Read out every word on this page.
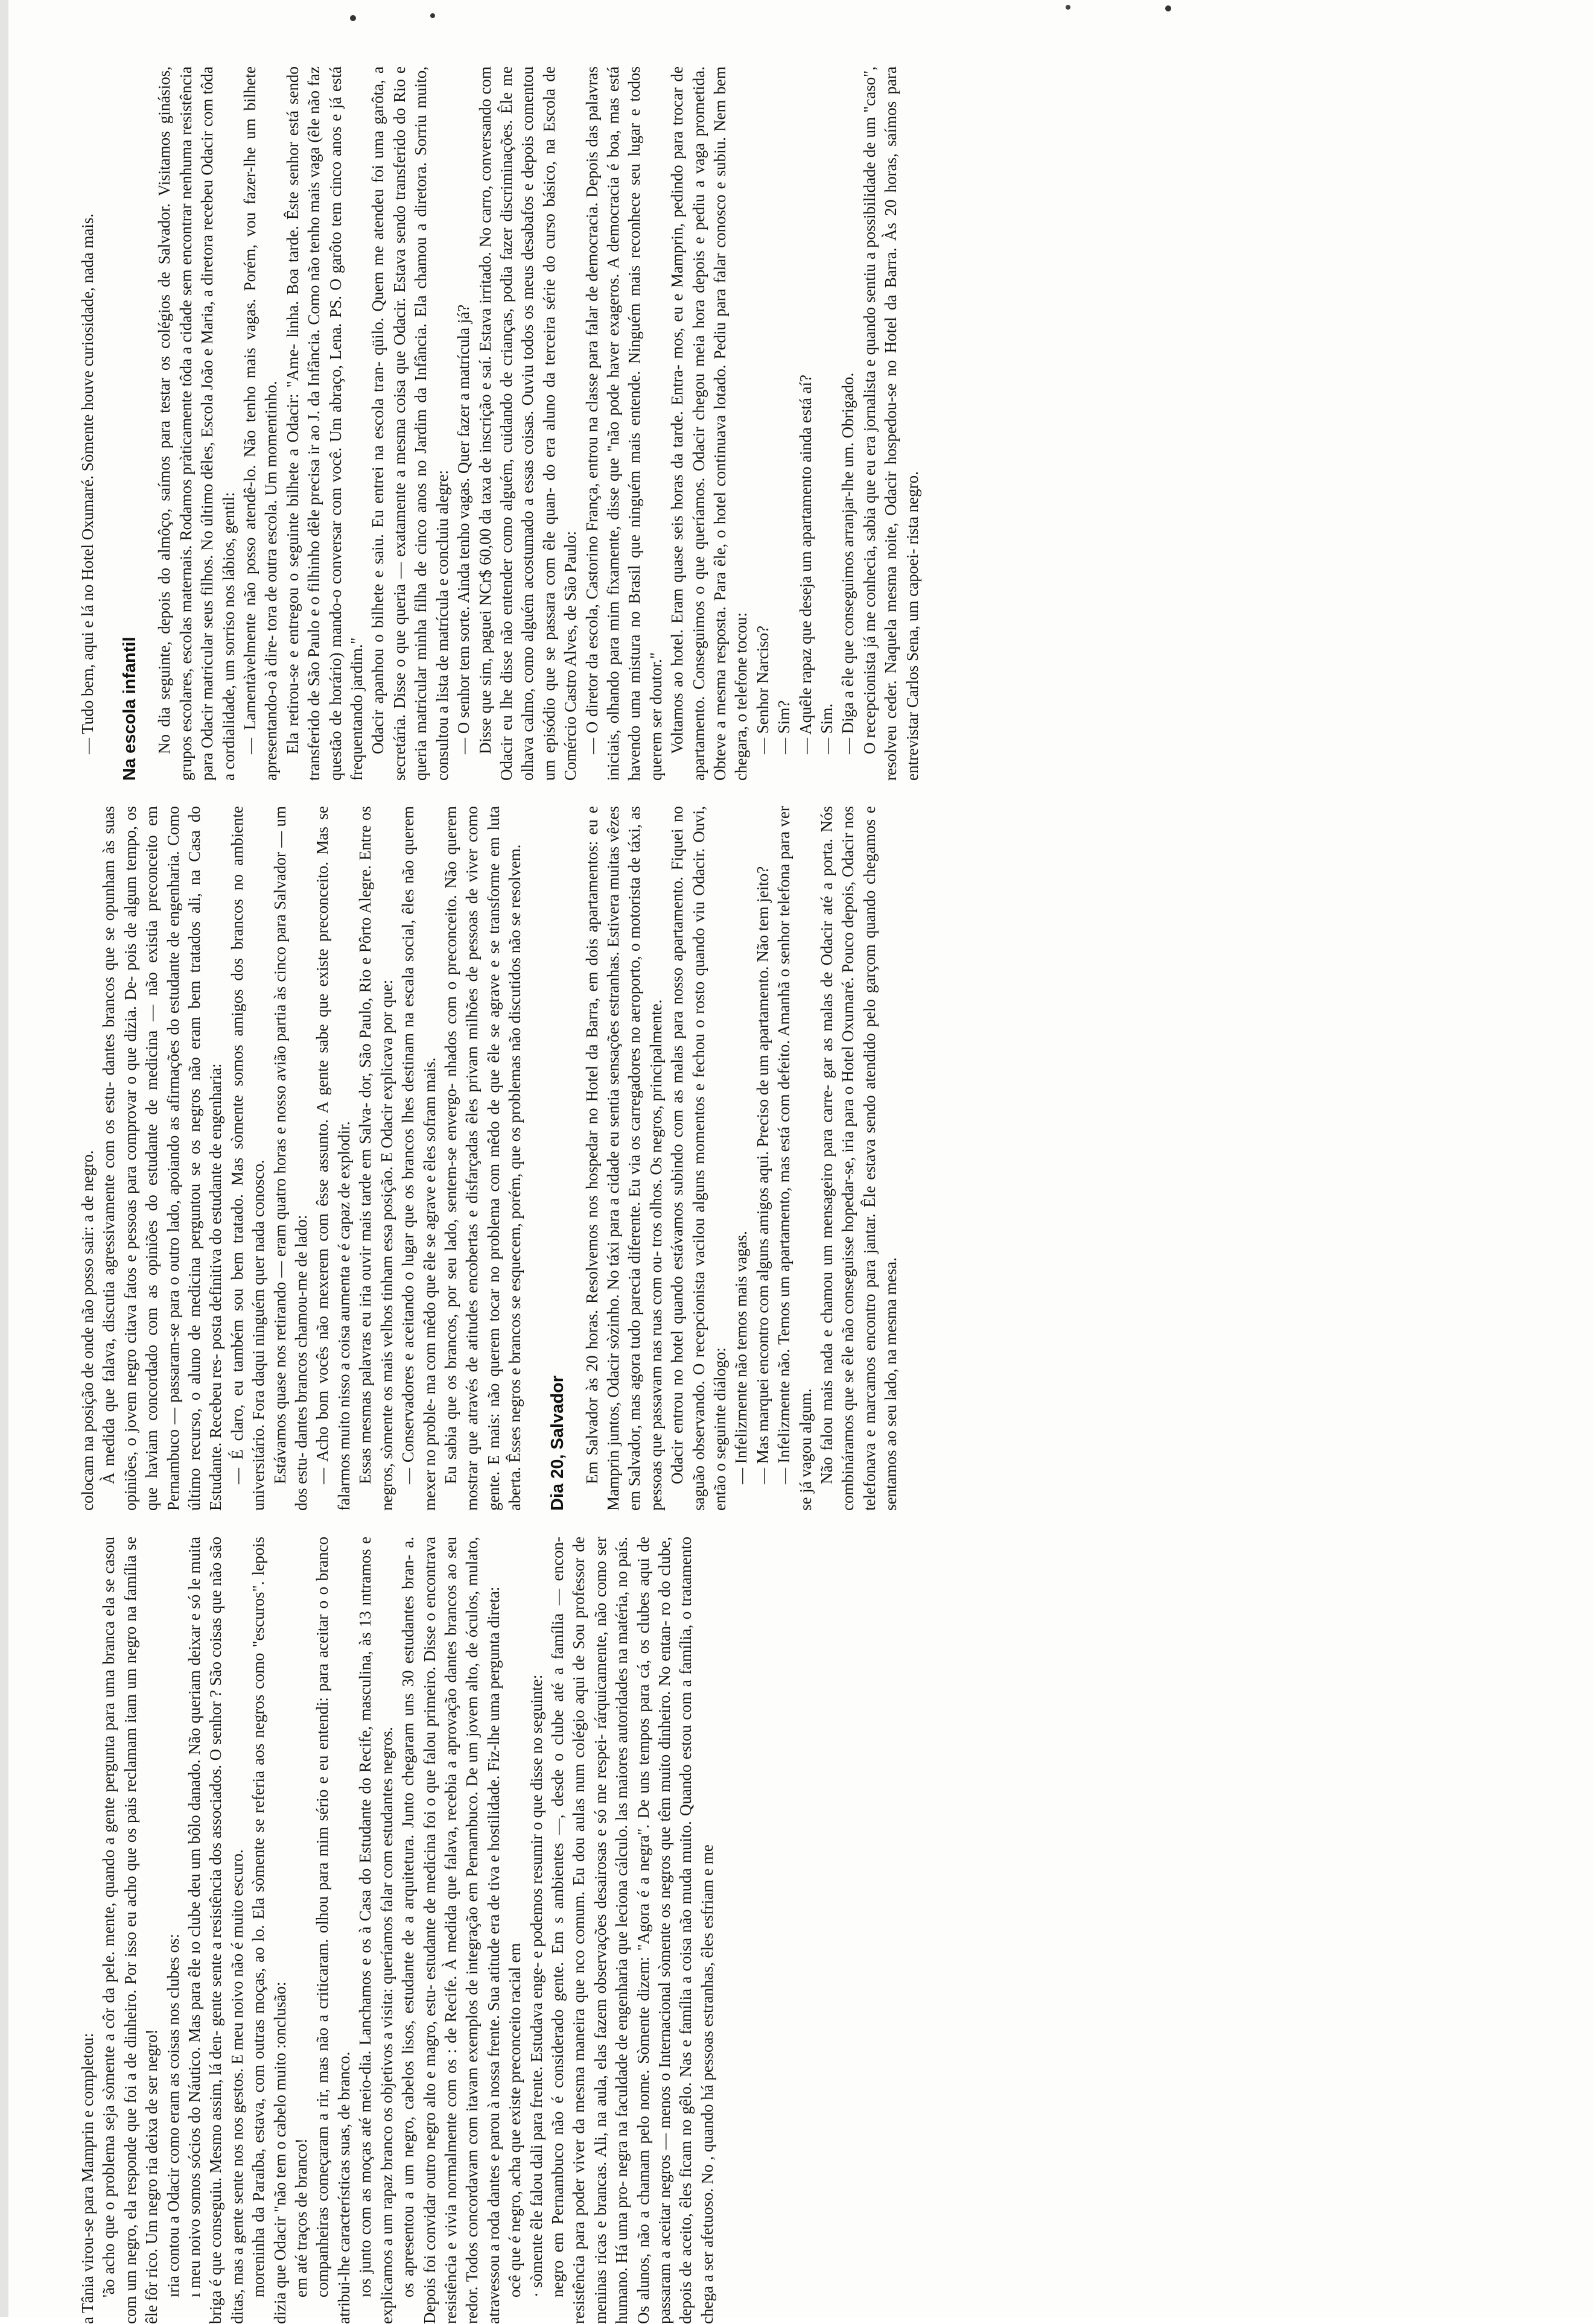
a Tânia virou-se para Mamprin e completou: 'ão acho que o problema seja sòmente a côr da pele. mente, quando a gente pergunta para uma branca ela se casou com um negro, ela responde que foi a de dinheiro. Por isso eu acho que os pais reclamam itam um negro na família se êle fôr rico. Um negro ria deixa de ser negro! ıria contou a Odacir como eram as coisas nos clubes os: ı meu noivo somos sócios do Náutico. Mas para êle ıo clube deu um bôlo danado. Não queriam deixar e só le muita briga é que conseguiu. Mesmo assim, lá den- gente sente a resistência dos associados. O senhor ? São coisas que não são ditas, mas a gente sente nos nos gestos. E meu noivo não é muito escuro. moreninha da Paraíba, estava, com outras moças, ao lo. Ela sòmente se referia aos negros como "escuros". lepois dizia que Odacir "não tem o cabelo muito :onclusão: em até traços de branco! companheiras começaram a rir, mas não a criticaram. olhou para mim sério e eu entendi: para aceitar o o branco atribui-lhe características suas, de branco. ıos junto com as moças até meio-dia. Lanchamos e os à Casa do Estudante do Recife, masculina, às 13 ıntramos e explicamos a um rapaz branco os objetivos a visita: queríamos falar com estudantes negros. os apresentou a um negro, cabelos lisos, estudante de a arquitetura. Junto chegaram uns 30 estudantes bran- a. Depois foi convidar outro negro alto e magro, estu- estudante de medicina foi o que falou primeiro. Disse o encontrava resistência e vivia normalmente com os : de Recife. À medida que falava, recebia a aprovação dantes brancos ao seu redor. Todos concordavam com itavam exemplos de integração em Pernambuco. De um jovem alto, de óculos, mulato, atravessou a roda dantes e parou à nossa frente. Sua atitude era de tiva e hostilidade. Fiz-lhe uma pergunta direta: ocê que é negro, acha que existe preconceito racial em · sòmente êle falou dali para frente. Estudava enge- e podemos resumir o que disse no seguinte: negro em Pernambuco não é considerado gente. Em s ambientes —, desde o clube até a família — encon- resistência para poder viver da mesma maneira que nco comum. Eu dou aulas num colégio aqui de Sou professor de meninas ricas e brancas. Ali, na aula, elas fazem observações desairosas e só me respei- rárquicamente, não como ser humano. Há uma pro- negra na faculdade de engenharia que leciona cálculo. las maiores autoridades na matéria, no país. Os alunos, não a chamam pelo nome. Sòmente dizem: "Agora é a negra". De uns tempos para cá, os clubes aqui de passaram a aceitar negros — menos o Internacional sòmente os negros que têm muito dinheiro. No entan- ro do clube, depois de aceito, êles ficam no gêlo. Nas e família a coisa não muda muito. Quando estou com a família, o tratamento chega a ser afetuoso. No , quando há pessoas estranhas, êles esfriam e me

colocam na posição de onde não posso sair: a de negro. À medida que falava, discutia agressivamente com os estu- dantes brancos que se opunham às suas opiniões, o jovem negro citava fatos e pessoas para comprovar o que dizia. De- pois de algum tempo, os que haviam concordado com as opiniões do estudante de medicina — não existia preconceito em Pernambuco — passaram-se para o outro lado, apoiando as afirmações do estudante de engenharia. Como último recurso, o aluno de medicina perguntou se os negros não eram bem tratados ali, na Casa do Estudante. Recebeu res- posta definitiva do estudante de engenharia: — É claro, eu também sou bem tratado. Mas sòmente somos amigos dos brancos no ambiente universitário. Fora daqui ninguém quer nada conosco. Estávamos quase nos retirando — eram quatro horas e nosso avião partia às cinco para Salvador — um dos estu- dantes brancos chamou-me de lado: — Acho bom vocês não mexerem com êsse assunto. A gente sabe que existe preconceito. Mas se falarmos muito nisso a coisa aumenta e é capaz de explodir. Essas mesmas palavras eu iria ouvir mais tarde em Salva- dor, São Paulo, Rio e Pôrto Alegre. Entre os negros, sòmente os mais velhos tinham essa posição. E Odacir explicava por que: — Conservadores e aceitando o lugar que os brancos lhes destinam na escala social, êles não querem mexer no proble- ma com mêdo que êle se agrave e êles sofram mais. Eu sabia que os brancos, por seu lado, sentem-se envergo- nhados com o preconceito. Não querem mostrar que através de atitudes encobertas e disfarçadas êles privam milhões de pessoas de viver como gente. E mais: não querem tocar no problema com mêdo de que êle se agrave e se transforme em luta aberta. Êsses negros e brancos se esquecem, porém, que os problemas não discutidos não se resolvem. Dia 20, Salvador Em Salvador às 20 horas. Resolvemos nos hospedar no Hotel da Barra, em dois apartamentos: eu e Mamprin juntos, Odacir sòzinho. No táxi para a cidade eu sentia sensações estranhas. Estivera muitas vêzes em Salvador, mas agora tudo parecia diferente. Eu via os carregadores no aeroporto, o motorista de táxi, as pessoas que passavam nas ruas com ou- tros olhos. Os negros, principalmente. Odacir entrou no hotel quando estávamos subindo com as malas para nosso apartamento. Fiquei no saguão observando. O recepcionista vacilou alguns momentos e fechou o rosto quando viu Odacir. Ouvi, então o seguinte diálogo: — Infelizmente não temos mais vagas. — Mas marquei encontro com alguns amigos aqui. Preciso de um apartamento. Não tem jeito? — Infelizmente não. Temos um apartamento, mas está com defeito. Amanhã o senhor telefona para ver se já vagou algum. Não falou mais nada e chamou um mensageiro para carre- gar as malas de Odacir até a porta. Nós combináramos que se êle não conseguisse hopedar-se, iria para o Hotel Oxumaré. Pouco depois, Odacir nos telefonava e marcamos encontro para jantar. Êle estava sendo atendido pelo garçom quando chegamos e sentamos ao seu lado, na mesma mesa.

— Tudo bem, aqui e lá no Hotel Oxumaré. Sòmente houve curiosidade, nada mais. Na escola infantil No dia seguinte, depois do almôço, saímos para testar os colégios de Salvador. Visitamos ginásios, grupos escolares, escolas maternais. Rodamos pràticamente tôda a cidade sem encontrar nenhuma resistência para Odacir matricular seus filhos. No último dêles, Escola João e Maria, a diretora recebeu Odacir com tôda a cordialidade, um sorriso nos lábios, gentil: — Lamentàvelmente não posso atendê-lo. Não tenho mais vagas. Porém, vou fazer-lhe um bilhete apresentando-o à dire- tora de outra escola. Um momentinho. Ela retirou-se e entregou o seguinte bilhete a Odacir: "Ame- linha. Boa tarde. Êste senhor está sendo transferido de São Paulo e o filhinho dêle precisa ir ao J. da Infância. Como não tenho mais vaga (êle não faz questão de horário) mando-o conversar com você. Um abraço, Lena. PS. O garôto tem cinco anos e já está frequentando jardim." Odacir apanhou o bilhete e saiu. Eu entrei na escola tran- qüilo. Quem me atendeu foi uma garôta, a secretária. Disse o que queria — exatamente a mesma coisa que Odacir. Estava sendo transferido do Rio e queria matricular minha filha de cinco anos no Jardim da Infância. Ela chamou a diretora. Sorriu muito, consultou a lista de matrícula e concluiu alegre: — O senhor tem sorte. Ainda tenho vagas. Quer fazer a matrícula já? Disse que sim, paguei NCr$ 60,00 da taxa de inscrição e saí. Estava irritado. No carro, conversando com Odacir eu lhe disse não entender como alguém, cuidando de crianças, podia fazer discriminações. Êle me olhava calmo, como alguém acostumado a essas coisas. Ouviu todos os meus desabafos e depois comentou um episódio que se passara com êle quan- do era aluno da terceira série do curso básico, na Escola de Comércio Castro Alves, de São Paulo: — O diretor da escola, Castorino França, entrou na classe para falar de democracia. Depois das palavras iniciais, olhando para mim fixamente, disse que "não pode haver exageros. A democracia é boa, mas está havendo uma mistura no Brasil que ninguém mais entende. Ninguém mais reconhece seu lugar e todos querem ser doutor." Voltamos ao hotel. Eram quase seis horas da tarde. Entra- mos, eu e Mamprin, pedindo para trocar de apartamento. Conseguimos o que queríamos. Odacir chegou meia hora depois e pediu a vaga prometida. Obteve a mesma resposta. Para êle, o hotel continuava lotado. Pediu para falar conosco e subiu. Nem bem chegara, o telefone tocou: — Senhor Narciso? — Sim? — Aquêle rapaz que deseja um apartamento ainda está aí? — Sim. — Diga a êle que conseguimos arranjar-lhe um. Obrigado. O recepcionista já me conhecia, sabia que eu era jornalista e quando sentiu a possibilidade de um "caso", resolveu ceder. Naquela mesma noite, Odacir hospedou-se no Hotel da Barra. Às 20 horas, saímos para entrevistar Carlos Sena, um capoei- rista negro.
